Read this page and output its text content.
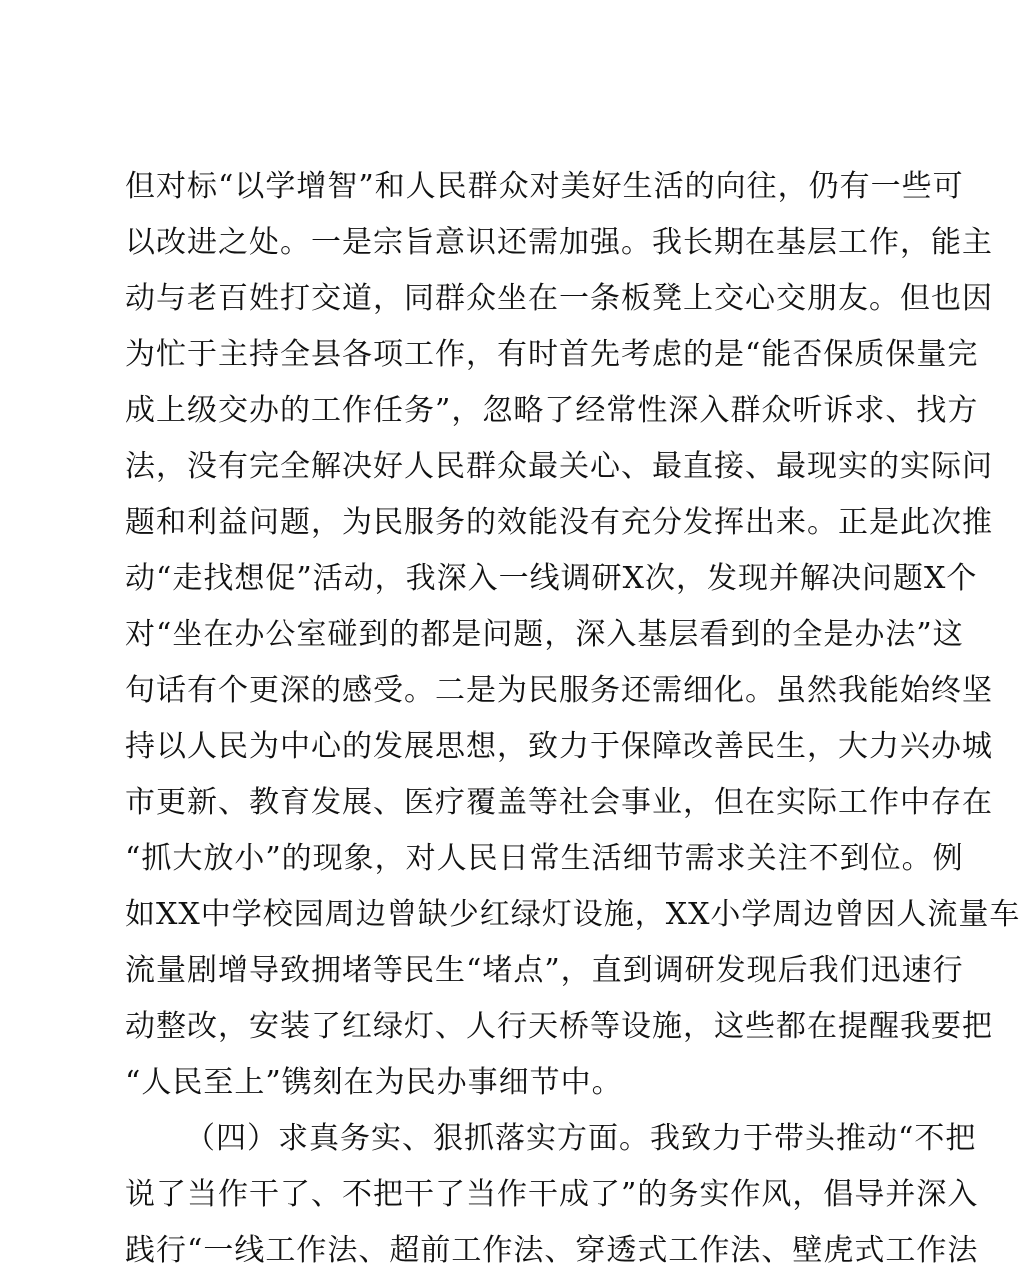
但对标“以学增智”和人民群众对美好生活的向往，仍有一些可
以改进之处。一是宗旨意识还需加强。我长期在基层工作，能主
动与老百姓打交道，同群众坐在一条板凳上交心交朋友。但也因
为忙于主持全县各项工作，有时首先考虑的是“能否保质保量完
成上级交办的工作任务”，忽略了经常性深入群众听诉求、找方
法，没有完全解决好人民群众最关心、最直接、最现实的实际问
题和利益问题，为民服务的效能没有充分发挥出来。正是此次推
动“走找想促”活动，我深入一线调研X次，发现并解决问题X个
对“坐在办公室碰到的都是问题，深入基层看到的全是办法”这
句话有个更深的感受。二是为民服务还需细化。虽然我能始终坚
持以人民为中心的发展思想，致力于保障改善民生，大力兴办城
市更新、教育发展、医疗覆盖等社会事业，但在实际工作中存在
“抓大放小”的现象，对人民日常生活细节需求关注不到位。例
如XX中学校园周边曾缺少红绿灯设施，XX小学周边曾因人流量车
流量剧增导致拥堵等民生“堵点”，直到调研发现后我们迅速行
动整改，安装了红绿灯、人行天桥等设施，这些都在提醒我要把
“人民至上”镌刻在为民办事细节中。
（四）求真务实、狠抓落实方面。我致力于带头推动“不把
说了当作干了、不把干了当作干成了”的务实作风，倡导并深入
践行“一线工作法、超前工作法、穿透式工作法、壁虎式工作法
